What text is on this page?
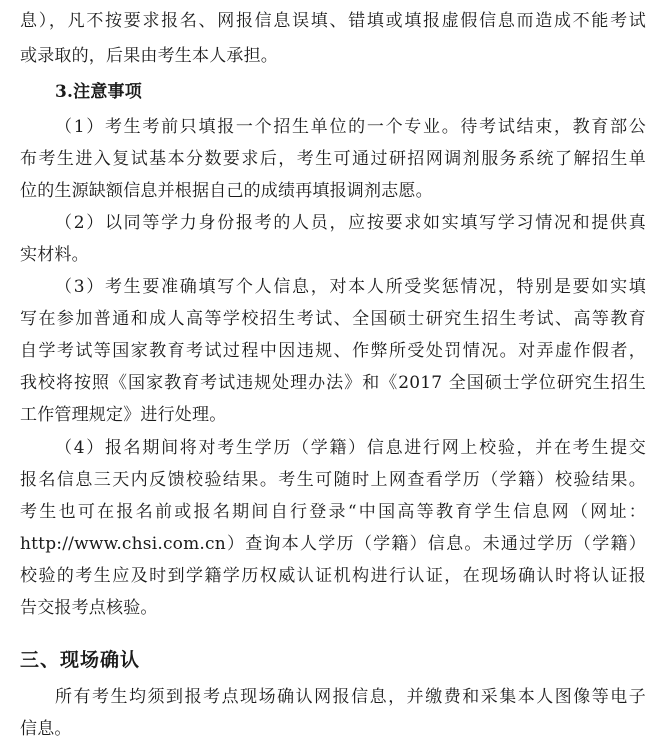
息），凡不按要求报名、网报信息误填、错填或填报虚假信息而造成不能考试
或录取的，后果由考生本人承担。
3.注意事项
（1）考生考前只填报一个招生单位的一个专业。待考试结束，教育部公
布考生进入复试基本分数要求后，考生可通过研招网调剂服务系统了解招生单
位的生源缺额信息并根据自己的成绩再填报调剂志愿。
（2）以同等学力身份报考的人员，应按要求如实填写学习情况和提供真
实材料。
（3）考生要准确填写个人信息，对本人所受奖惩情况，特别是要如实填
写在参加普通和成人高等学校招生考试、全国硕士研究生招生考试、高等教育
自学考试等国家教育考试过程中因违规、作弊所受处罚情况。对弄虚作假者，
我校将按照《国家教育考试违规处理办法》和《2017 全国硕士学位研究生招生
工作管理规定》进行处理。
（4）报名期间将对考生学历（学籍）信息进行网上校验，并在考生提交
报名信息三天内反馈校验结果。考生可随时上网查看学历（学籍）校验结果。
考生也可在报名前或报名期间自行登录“中国高等教育学生信息网（网址：
http://www.chsi.com.cn）查询本人学历（学籍）信息。未通过学历（学籍）
校验的考生应及时到学籍学历权威认证机构进行认证，在现场确认时将认证报
告交报考点核验。
三、现场确认
所有考生均须到报考点现场确认网报信息，并缴费和采集本人图像等电子
信息。
